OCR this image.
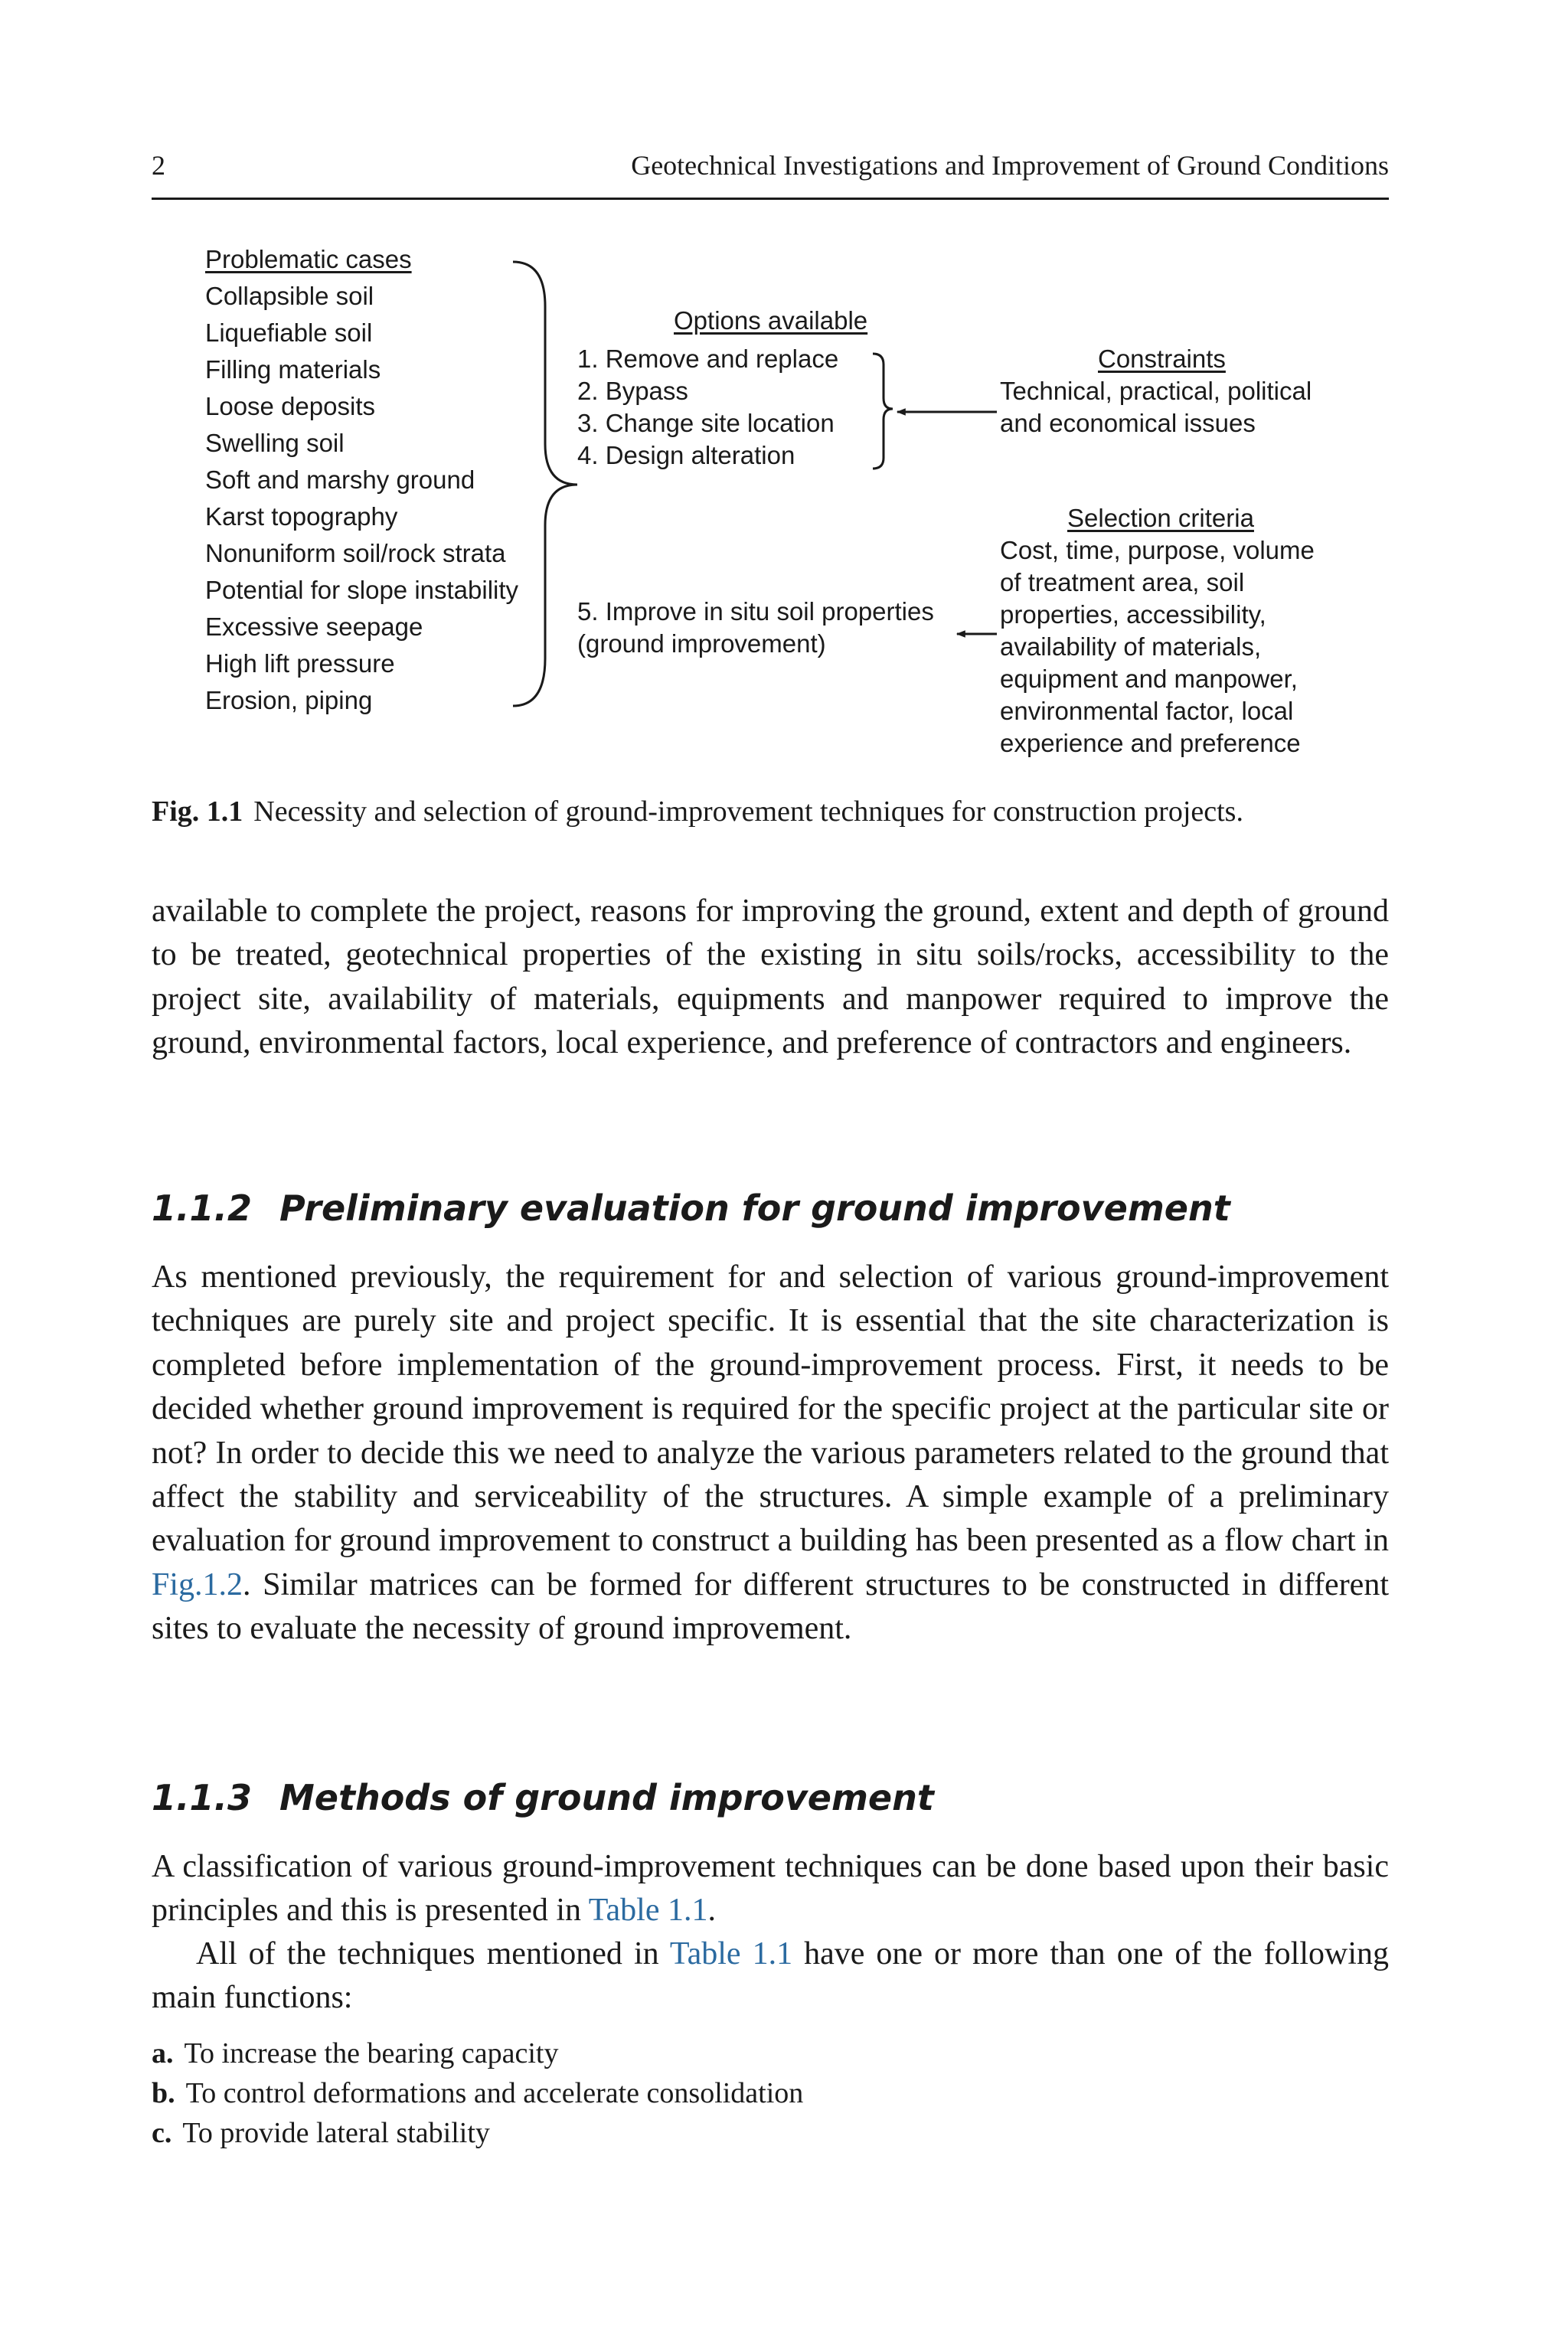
2	Geotechnical Investigations and Improvement of Ground Conditions
Problematic cases
Collapsible soil
Liquefiable soil
Filling materials
Loose deposits
Swelling soil
Soft and marshy ground
Karst topography
Nonuniform soil/rock strata
Potential for slope instability
Excessive seepage
High lift pressure
Erosion, piping
Options available
1. Remove and replace
2. Bypass
3. Change site location
4. Design alteration
5. Improve in situ soil properties
(ground improvement)
Constraints
Technical, practical, political
and economical issues
Selection criteria
Cost, time, purpose, volume
of treatment area, soil
properties, accessibility,
availability of materials,
equipment and manpower,
environmental factor, local
experience and preference
Fig. 1.1 Necessity and selection of ground-improvement techniques for construction projects.

available to complete the project, reasons for improving the ground, extent and depth of ground to be treated, geotechnical properties of the existing in situ soils/rocks, accessibility to the project site, availability of materials, equipments and manpower required to improve the ground, environmental factors, local experience, and preference of contractors and engineers.

1.1.2 Preliminary evaluation for ground improvement

As mentioned previously, the requirement for and selection of various ground-improvement techniques are purely site and project specific. It is essential that the site characterization is completed before implementation of the ground-improvement process. First, it needs to be decided whether ground improvement is required for the specific project at the particular site or not? In order to decide this we need to analyze the various parameters related to the ground that affect the stability and serviceability of the structures. A simple example of a preliminary evaluation for ground improvement to construct a building has been presented as a flow chart in Fig.1.2. Similar matrices can be formed for different structures to be constructed in different sites to evaluate the necessity of ground improvement.

1.1.3 Methods of ground improvement

A classification of various ground-improvement techniques can be done based upon their basic principles and this is presented in Table 1.1.

All of the techniques mentioned in Table 1.1 have one or more than one of the following main functions:

a. To increase the bearing capacity
b. To control deformations and accelerate consolidation
c. To provide lateral stability
